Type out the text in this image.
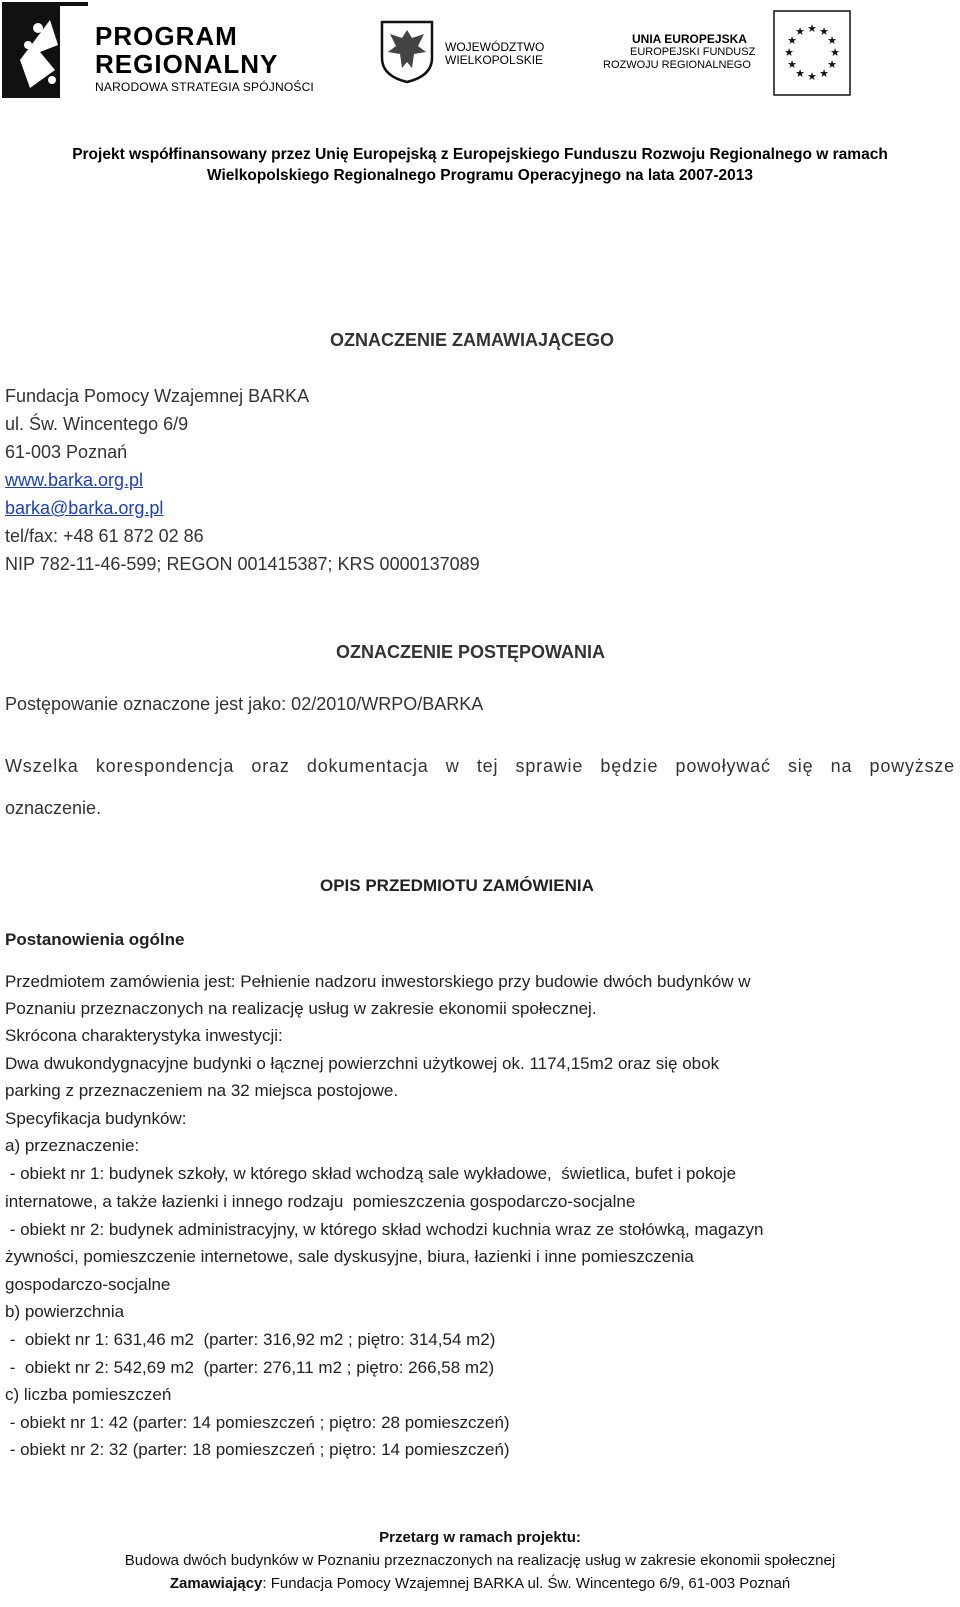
PROGRAM
REGIONALNY
NARODOWA STRATEGIA SPÓJNOŚCI
WOJEWÓDZTWO
WIELKOPOLSKIE
UNIA EUROPEJSKA
EUROPEJSKI FUNDUSZ
ROZWOJU REGIONALNEGO
★ ★
★
★
★
★
★
★
★
★
★
★
Projekt współfinansowany przez Unię Europejską z Europejskiego Funduszu Rozwoju Regionalnego w ramach
Wielkopolskiego Regionalnego Programu Operacyjnego na lata 2007-2013
OZNACZENIE ZAMAWIAJĄCEGO
Fundacja Pomocy Wzajemnej BARKA
ul. Św. Wincentego 6/9
61-003 Poznań
www.barka.org.pl
barka@barka.org.pl
tel/fax: +48 61 872 02 86
NIP 782-11-46-599; REGON 001415387; KRS 0000137089
OZNACZENIE POSTĘPOWANIA
Postępowanie oznaczone jest jako: 02/2010/WRPO/BARKA
Wszelka korespondencja oraz dokumentacja w tej sprawie będzie powoływać się na powyższe
oznaczenie.
OPIS PRZEDMIOTU ZAMÓWIENIA
Postanowienia ogólne
Przedmiotem zamówienia jest: Pełnienie nadzoru inwestorskiego przy budowie dwóch budynków w
Poznaniu przeznaczonych na realizację usług w zakresie ekonomii społecznej.
Skrócona charakterystyka inwestycji:
Dwa dwukondygnacyjne budynki o łącznej powierzchni użytkowej ok. 1174,15m2 oraz się obok
parking z przeznaczeniem na 32 miejsca postojowe.
Specyfikacja budynków:
a) przeznaczenie:
- obiekt nr 1: budynek szkoły, w którego skład wchodzą sale wykładowe,  świetlica, bufet i pokoje
internatowe, a także łazienki i innego rodzaju  pomieszczenia gospodarczo-socjalne
- obiekt nr 2: budynek administracyjny, w którego skład wchodzi kuchnia wraz ze stołówką, magazyn
żywności, pomieszczenie internetowe, sale dyskusyjne, biura, łazienki i inne pomieszczenia
gospodarczo-socjalne
b) powierzchnia
-  obiekt nr 1: 631,46 m2  (parter: 316,92 m2 ; piętro: 314,54 m2)
-  obiekt nr 2: 542,69 m2  (parter: 276,11 m2 ; piętro: 266,58 m2)
c) liczba pomieszczeń
- obiekt nr 1: 42 (parter: 14 pomieszczeń ; piętro: 28 pomieszczeń)
- obiekt nr 2: 32 (parter: 18 pomieszczeń ; piętro: 14 pomieszczeń)
Przetarg w ramach projektu:
Budowa dwóch budynków w Poznaniu przeznaczonych na realizację usług w zakresie ekonomii społecznej
Zamawiający: Fundacja Pomocy Wzajemnej BARKA ul. Św. Wincentego 6/9, 61-003 Poznań
